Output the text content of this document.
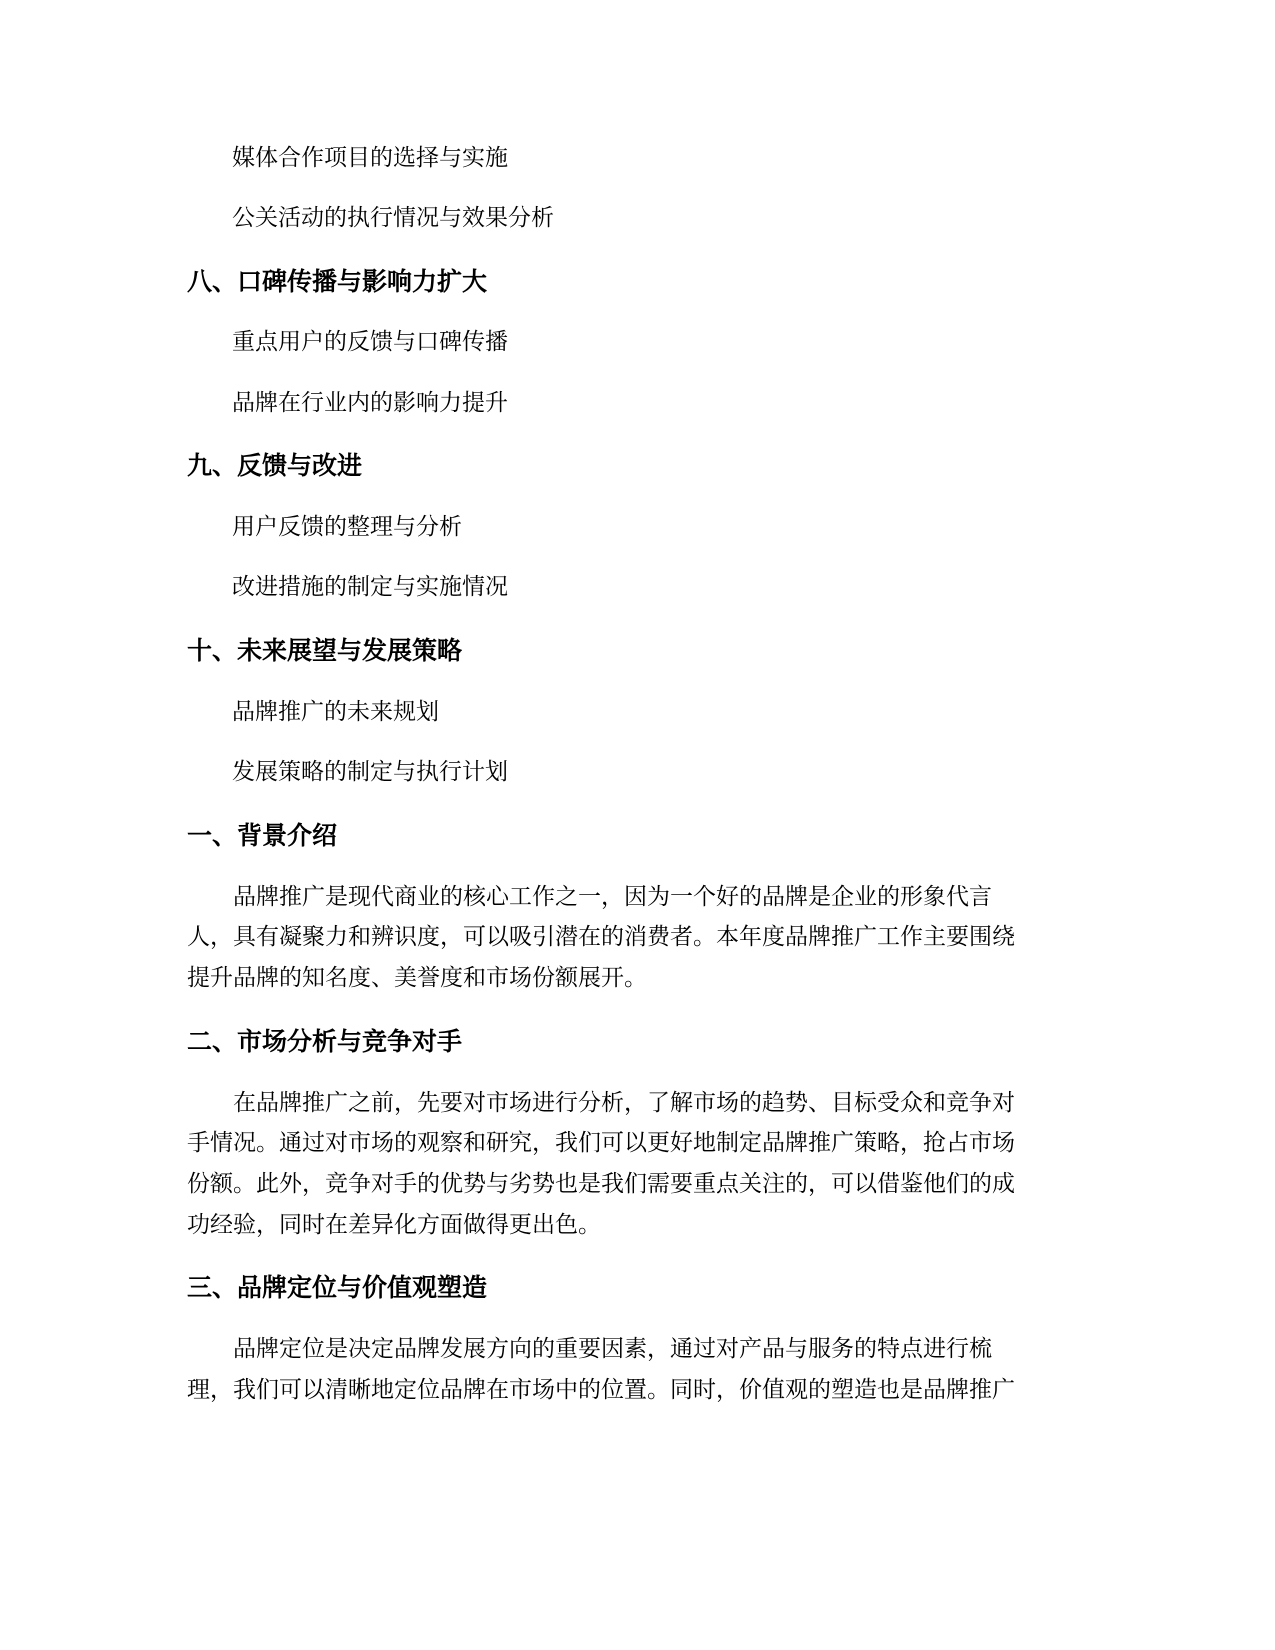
媒体合作项目的选择与实施
公关活动的执行情况与效果分析
八、口碑传播与影响力扩大
重点用户的反馈与口碑传播
品牌在行业内的影响力提升
九、反馈与改进
用户反馈的整理与分析
改进措施的制定与实施情况
十、未来展望与发展策略
品牌推广的未来规划
发展策略的制定与执行计划
一、背景介绍
　　品牌推广是现代商业的核心工作之一，因为一个好的品牌是企业的形象代言
人，具有凝聚力和辨识度，可以吸引潜在的消费者。本年度品牌推广工作主要围绕
提升品牌的知名度、美誉度和市场份额展开。
二、市场分析与竞争对手
　　在品牌推广之前，先要对市场进行分析，了解市场的趋势、目标受众和竞争对
手情况。通过对市场的观察和研究，我们可以更好地制定品牌推广策略，抢占市场
份额。此外，竞争对手的优势与劣势也是我们需要重点关注的，可以借鉴他们的成
功经验，同时在差异化方面做得更出色。
三、品牌定位与价值观塑造
　　品牌定位是决定品牌发展方向的重要因素，通过对产品与服务的特点进行梳
理，我们可以清晰地定位品牌在市场中的位置。同时，价值观的塑造也是品牌推广
